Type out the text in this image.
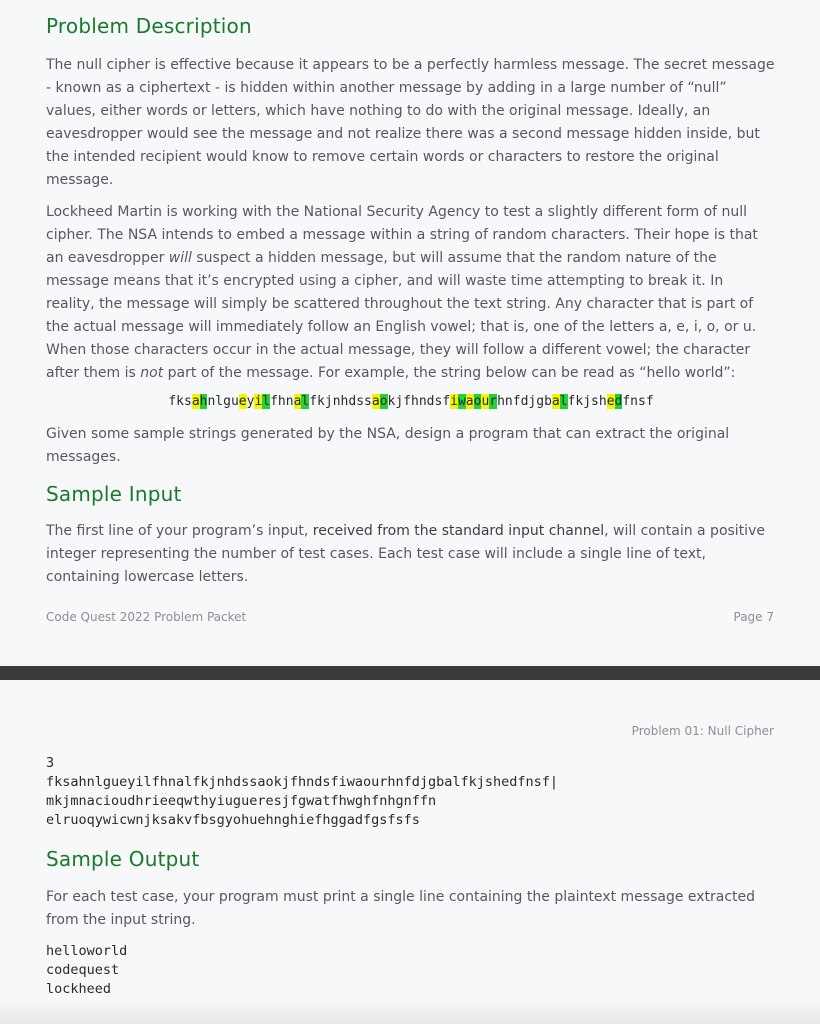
Problem Description

The null cipher is effective because it appears to be a perfectly harmless message. The secret message - known as a ciphertext - is hidden within another message by adding in a large number of “null” values, either words or letters, which have nothing to do with the original message. Ideally, an eavesdropper would see the message and not realize there was a second message hidden inside, but the intended recipient would know to remove certain words or characters to restore the original message.

Lockheed Martin is working with the National Security Agency to test a slightly different form of null cipher. The NSA intends to embed a message within a string of random characters. Their hope is that an eavesdropper will suspect a hidden message, but will assume that the random nature of the message means that it’s encrypted using a cipher, and will waste time attempting to break it. In reality, the message will simply be scattered throughout the text string. Any character that is part of the actual message will immediately follow an English vowel; that is, one of the letters a, e, i, o, or u. When those characters occur in the actual message, they will follow a different vowel; the character after them is not part of the message. For example, the string below can be read as “hello world”:

fksahnlgueyilfhnalfkjnhdssaokjfhndsfiwaourhnfdjgbalfkjshedfnsf

Given some sample strings generated by the NSA, design a program that can extract the original messages.

Sample Input

The first line of your program’s input, received from the standard input channel, will contain a positive integer representing the number of test cases. Each test case will include a single line of text, containing lowercase letters.

Code Quest 2022 Problem Packet	Page 7
Problem 01: Null Cipher
3
fksahnlgueyilfhnalfkjnhdssaokjfhndsfiwaourhnfdjgbalfkjshedfnsf|
mkjmnacioudhrieeqwthyiugueresjfgwatfhwghfnhgnffn
elruoqywicwnjksakvfbsgyohuehnghiefhggadfgsfsfs
Sample Output

For each test case, your program must print a single line containing the plaintext message extracted from the input string.

helloworld
codequest
lockheed
